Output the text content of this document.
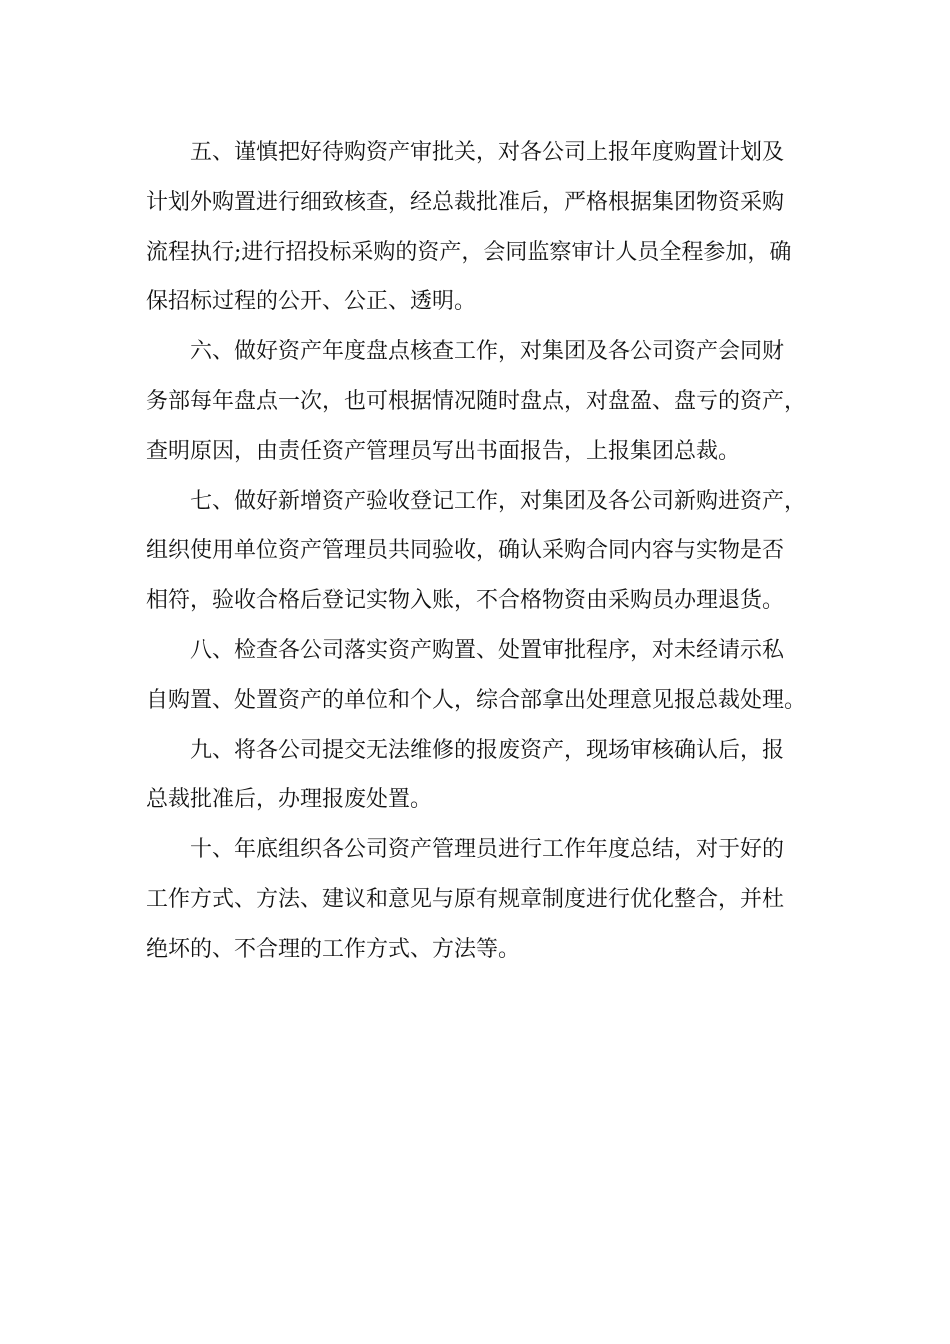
五、谨慎把好待购资产审批关，对各公司上报年度购置计划及
计划外购置进行细致核查，经总裁批准后，严格根据集团物资采购
流程执行;进行招投标采购的资产，会同监察审计人员全程参加，确
保招标过程的公开、公正、透明。

六、做好资产年度盘点核查工作，对集团及各公司资产会同财
务部每年盘点一次，也可根据情况随时盘点，对盘盈、盘亏的资产，
查明原因，由责任资产管理员写出书面报告，上报集团总裁。

七、做好新增资产验收登记工作，对集团及各公司新购进资产，
组织使用单位资产管理员共同验收，确认采购合同内容与实物是否
相符，验收合格后登记实物入账，不合格物资由采购员办理退货。

八、检查各公司落实资产购置、处置审批程序，对未经请示私
自购置、处置资产的单位和个人，综合部拿出处理意见报总裁处理。

九、将各公司提交无法维修的报废资产，现场审核确认后，报
总裁批准后，办理报废处置。

十、年底组织各公司资产管理员进行工作年度总结，对于好的
工作方式、方法、建议和意见与原有规章制度进行优化整合，并杜
绝坏的、不合理的工作方式、方法等。
